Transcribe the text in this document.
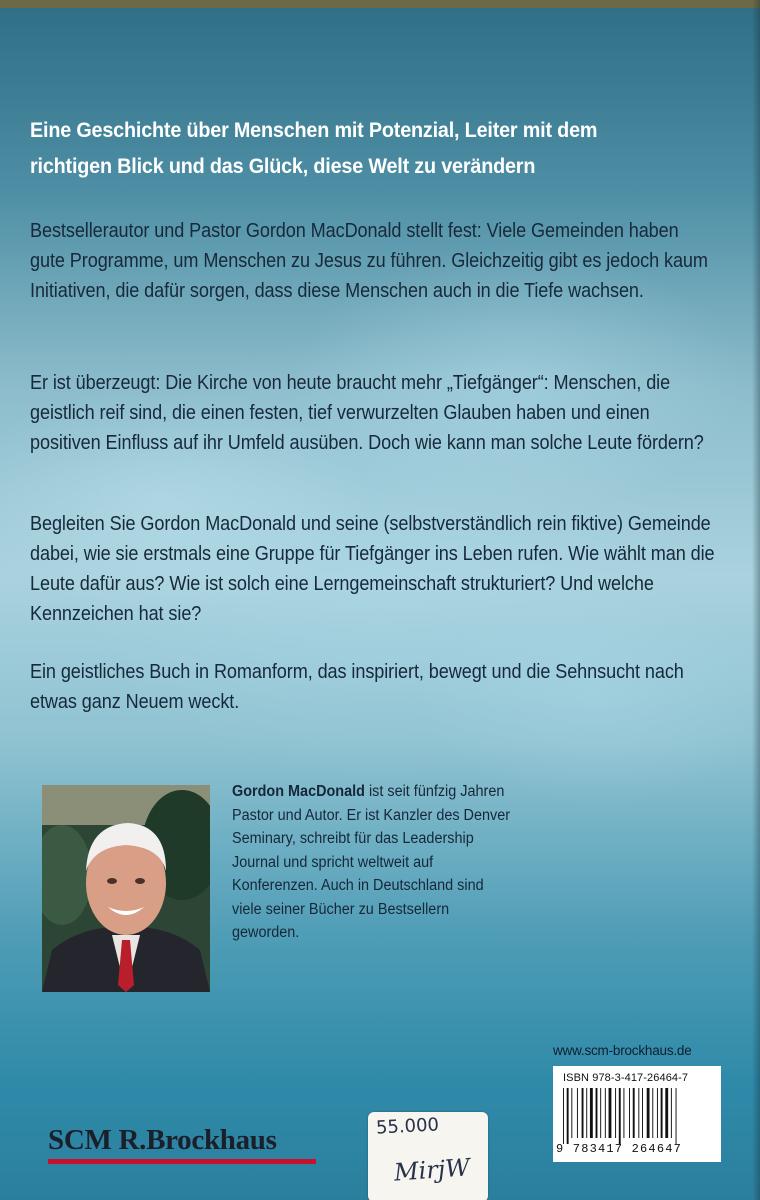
Eine Geschichte über Menschen mit Potenzial, Leiter mit dem richtigen Blick und das Glück, diese Welt zu verändern

Bestsellerautor und Pastor Gordon MacDonald stellt fest: Viele Gemeinden haben gute Programme, um Menschen zu Jesus zu führen. Gleichzeitig gibt es jedoch kaum Initiativen, die dafür sorgen, dass diese Menschen auch in die Tiefe wachsen.

Er ist überzeugt: Die Kirche von heute braucht mehr „Tiefgänger“: Menschen, die geistlich reif sind, die einen festen, tief verwurzelten Glauben haben und einen positiven Einfluss auf ihr Umfeld ausüben. Doch wie kann man solche Leute fördern?

Begleiten Sie Gordon MacDonald und seine (selbstverständlich rein fiktive) Gemeinde dabei, wie sie erstmals eine Gruppe für Tiefgänger ins Leben rufen. Wie wählt man die Leute dafür aus? Wie ist solch eine Lerngemeinschaft strukturiert? Und welche Kennzeichen hat sie?

Ein geistliches Buch in Romanform, das inspiriert, bewegt und die Sehnsucht nach etwas ganz Neuem weckt.

Gordon MacDonald ist seit fünfzig Jahren Pastor und Autor. Er ist Kanzler des Denver Seminary, schreibt für das Leadership Journal und spricht weltweit auf Konferenzen. Auch in Deutschland sind viele seiner Bücher zu Bestsellern geworden.

www.scm-brockhaus.de
ISBN 978-3-417-26464-7
9 783417 264647
SCM R.Brockhaus	55.000
MirjW
